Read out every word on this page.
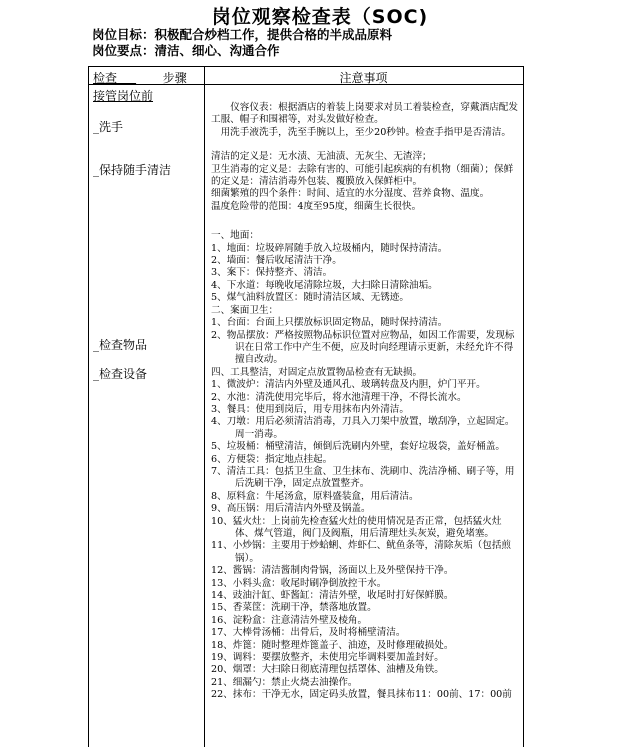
岗位观察检查表（SOC)
岗位目标：积极配合炒档工作，提供合格的半成品原料
岗位要点：清洁、细心、沟通合作
检查	步骤	注意事项
接管岗位前
_洗手
_保持随手清洁
_检查物品
_检查设备

仪容仪表：根据酒店的着装上岗要求对员工着装检查，穿戴酒店配发工服、帽子和围裙等，对头发做好检查。

用洗手液洗手，洗至手腕以上，至少20秒钟。检查手指甲是否清洁。

清洁的定义是：无水渍、无油渍、无灰尘、无渣滓；

卫生消毒的定义是：去除有害的、可能引起疾病的有机物（细菌）；保鲜的定义是：清洁消毒外包装、覆膜放入保鲜柜中。

细菌繁殖的四个条件：时间、适宜的水分湿度、营养食物、温度。

温度危险带的范围：4度至95度，细菌生长很快。

一、地面：

1、地面：垃圾碎屑随手放入垃圾桶内，随时保持清洁。

2、墙面：餐后收尾清洁干净。

3、案下：保持整齐、清洁。

4、下水道：每晚收尾清除垃圾，大扫除日清除油垢。

5、煤气油料放置区：随时清洁区域、无锈迹。

二、案面卫生：

1、台面：台面上只摆放标识固定物品，随时保持清洁。

2、物品摆放：严格按照物品标识位置对应物品，如因工作需要，发现标识在日常工作中产生不便，应及时向经理请示更新，未经允许不得擅自改动。

四、工具整洁，对固定点放置物品检查有无缺损。

1、微波炉：清洁内外壁及通风孔、玻璃转盘及内胆，炉门平开。

2、水池：清洗使用完毕后，将水池清理干净，不得长流水。

3、餐具：使用到岗后，用专用抹布内外清洁。

4、刀墩：用后必须清洁消毒，刀具入刀架中放置，墩刮净，立起固定。周一消毒。

5、垃圾桶：桶壁清洁，倾倒后洗刷内外壁，套好垃圾袋，盖好桶盖。

6、方便袋：指定地点挂起。

7、清洁工具：包括卫生盒、卫生抹布、洗刷巾、洗洁净桶、刷子等，用后洗刷干净，固定点放置整齐。

8、原料盒：牛尾汤盒，原料盛装盒，用后清洁。

9、高压锅：用后清洁内外壁及锅盖。

10、猛火灶：上岗前先检查猛火灶的使用情况是否正常，包括猛火灶体、煤气管道，阀门及阀瓶，用后清理灶头灰炭，避免堵塞。

11、小炒锅：主要用于炒蛤蜊、炸虾仁、鱿鱼条等，清除灰垢（包括煎锅）。

12、酱锅：清洁酱制肉骨锅，汤面以上及外壁保持干净。

13、小料头盒：收尾时刷净倒放控干水。

14、豉油汁缸、虾酱缸：清洁外壁，收尾时打好保鲜膜。

15、香菜筐：洗刷干净，禁落地放置。

16、淀粉盒：注意清洁外壁及棱角。

17、大棒骨汤桶：出骨后，及时将桶壁清洁。

18、炸篦：随时整理炸篦盖子、油迹，及时修理破损处。

19、调料：要摆放整齐，未使用完毕调料要加盖封好。

20、烟罩：大扫除日彻底清理包括罩体、油槽及角铁。

21、细漏勺：禁止火烧去油操作。

22、抹布：干净无水，固定码头放置，餐具抹布11：00前、17：00前
